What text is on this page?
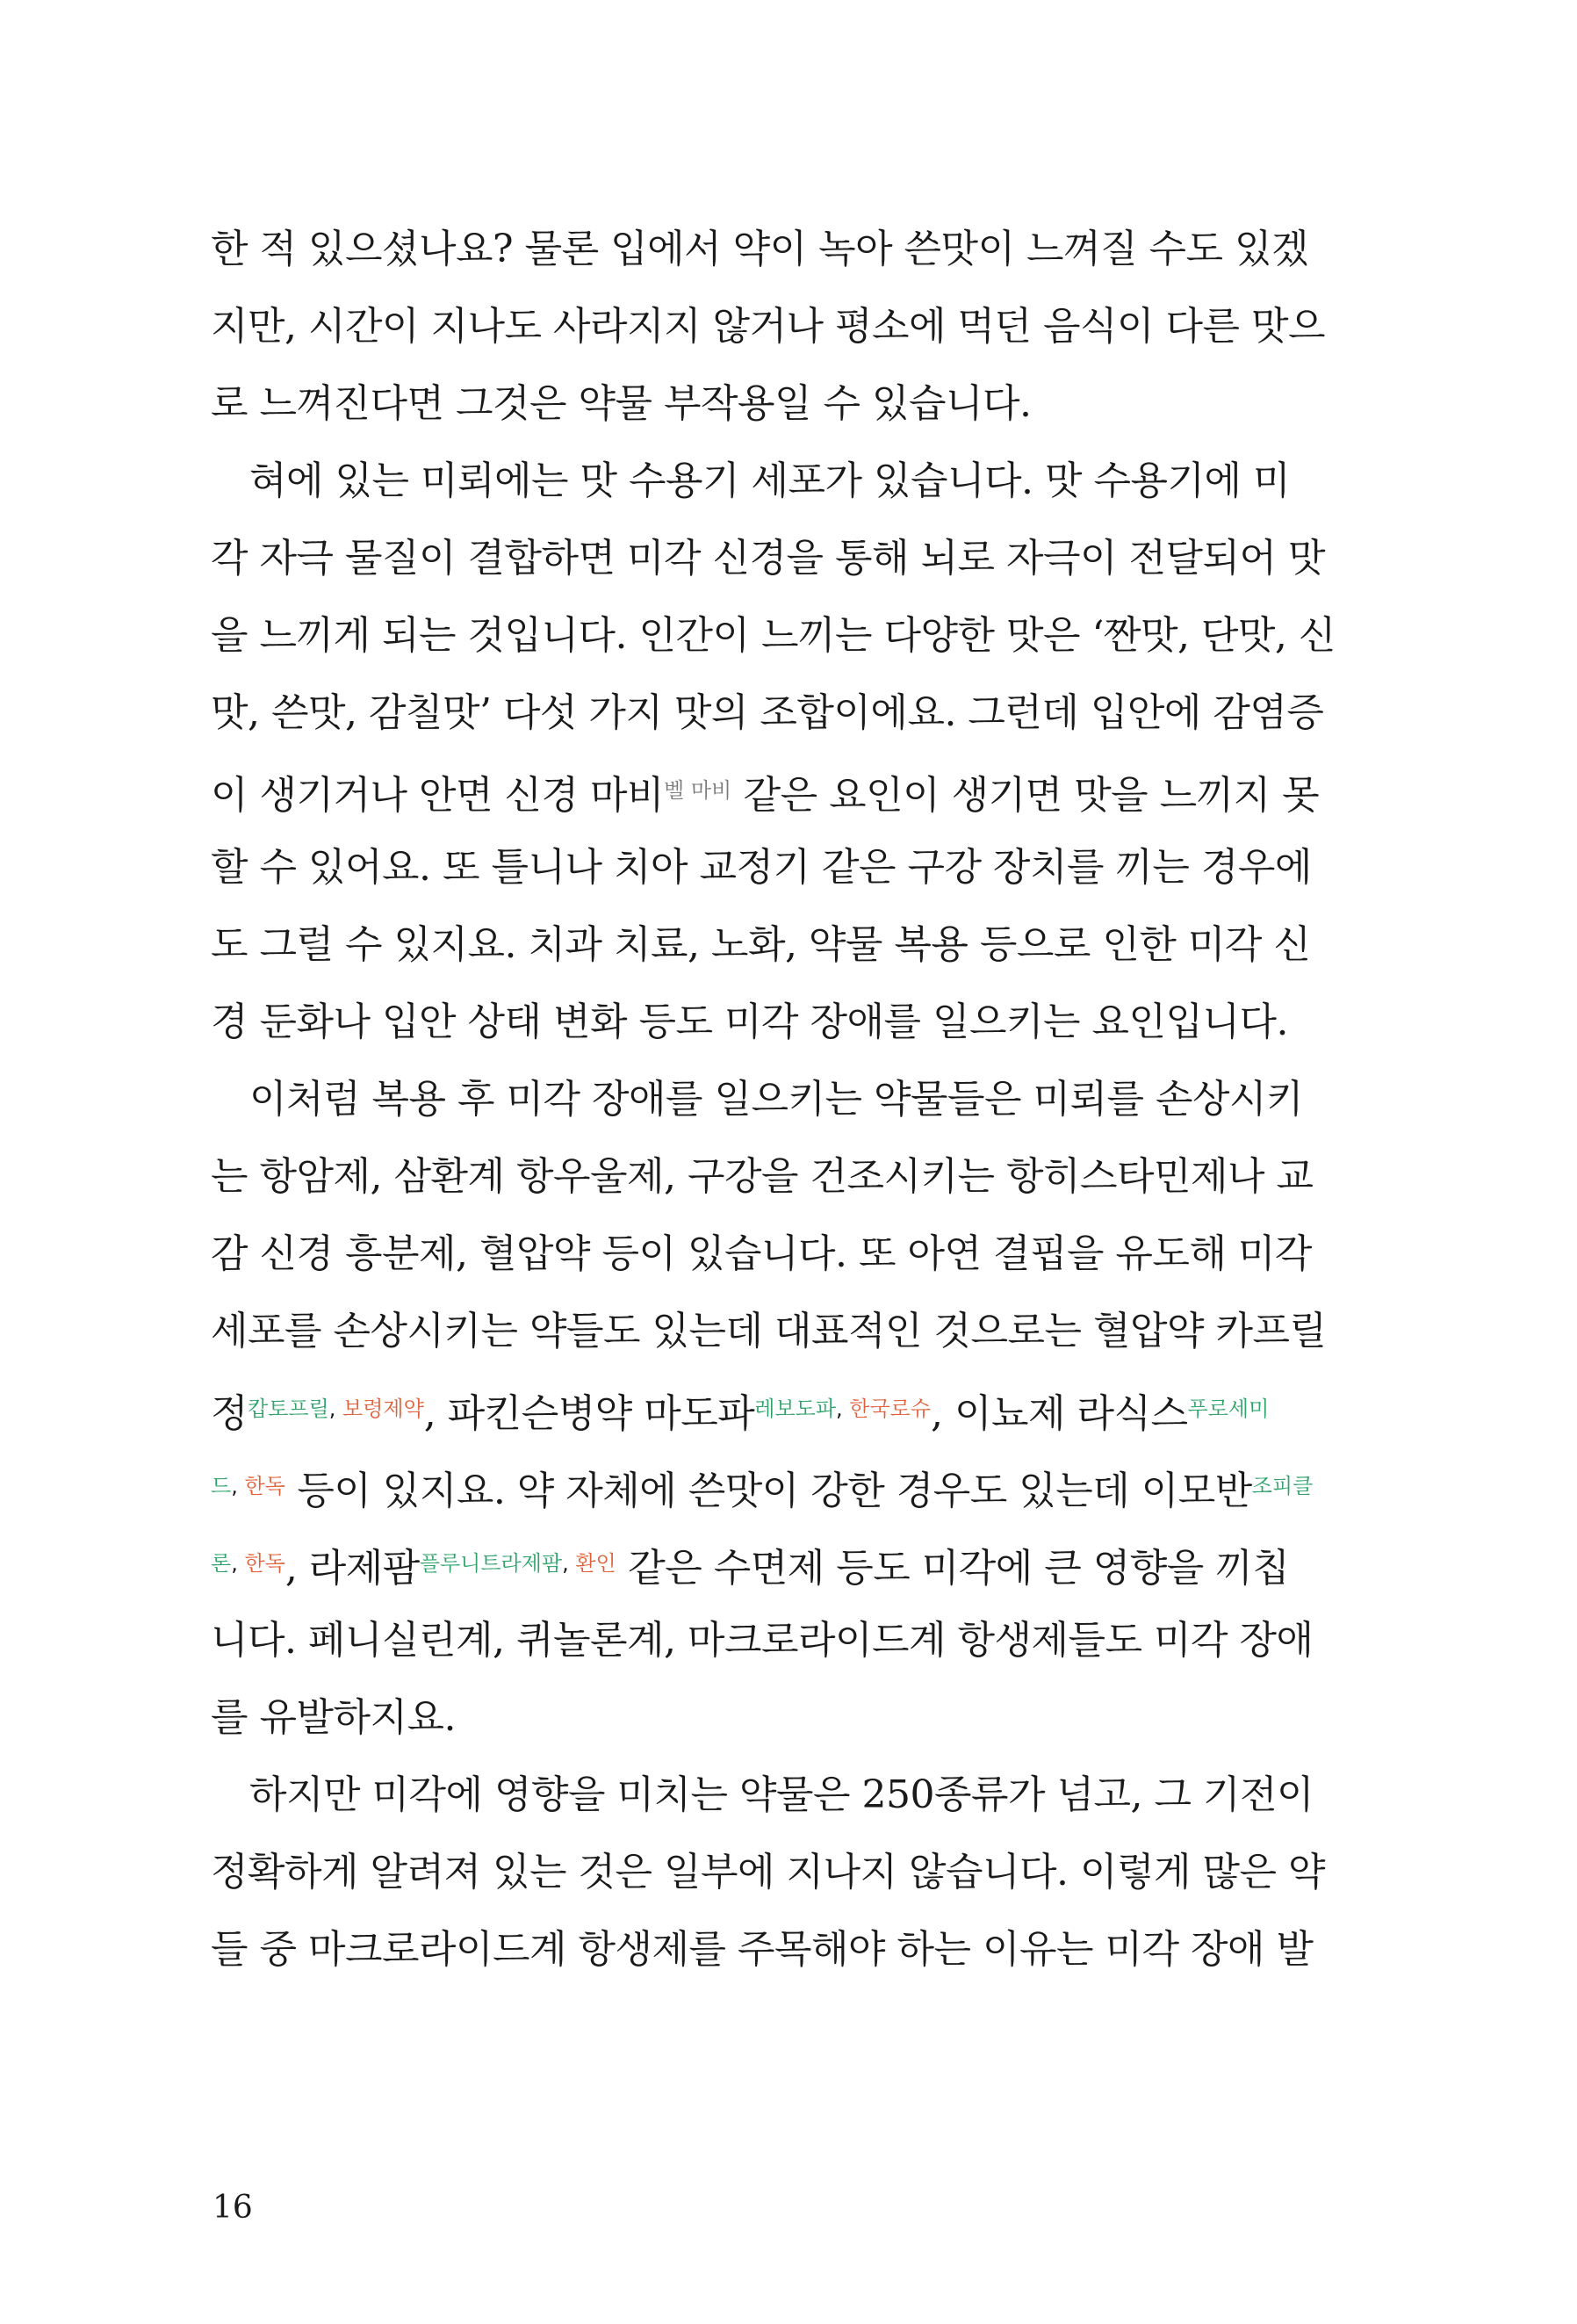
한 적 있으셨나요? 물론 입에서 약이 녹아 쓴맛이 느껴질 수도 있겠
지만, 시간이 지나도 사라지지 않거나 평소에 먹던 음식이 다른 맛으
로 느껴진다면 그것은 약물 부작용일 수 있습니다.
혀에 있는 미뢰에는 맛 수용기 세포가 있습니다. 맛 수용기에 미
각 자극 물질이 결합하면 미각 신경을 통해 뇌로 자극이 전달되어 맛
을 느끼게 되는 것입니다. 인간이 느끼는 다양한 맛은 ‘짠맛, 단맛, 신
맛, 쓴맛, 감칠맛’ 다섯 가지 맛의 조합이에요. 그런데 입안에 감염증
이 생기거나 안면 신경 마비$^{벨 마비}$ 같은 요인이 생기면 맛을 느끼지 못
할 수 있어요. 또 틀니나 치아 교정기 같은 구강 장치를 끼는 경우에
도 그럴 수 있지요. 치과 치료, 노화, 약물 복용 등으로 인한 미각 신
경 둔화나 입안 상태 변화 등도 미각 장애를 일으키는 요인입니다.
이처럼 복용 후 미각 장애를 일으키는 약물들은 미뢰를 손상시키
는 항암제, 삼환계 항우울제, 구강을 건조시키는 항히스타민제나 교
감 신경 흥분제, 혈압약 등이 있습니다. 또 아연 결핍을 유도해 미각
세포를 손상시키는 약들도 있는데 대표적인 것으로는 혈압약 카프릴
정$^{캅토프릴,}$ $^{보령제약}$, 파킨슨병약 마도파$^{레보도파,}$ $^{한국로슈}$, 이뇨제 라식스$^{푸로세미}$
$^{드,}$ $^{한독}$ 등이 있지요. 약 자체에 쓴맛이 강한 경우도 있는데 이모반$^{조피클}$
$^{론,}$ $^{한독}$, 라제팜$^{플루니트라제팜,}$ $^{환인}$ 같은 수면제 등도 미각에 큰 영향을 끼칩
니다. 페니실린계, 퀴놀론계, 마크로라이드계 항생제들도 미각 장애
를 유발하지요.
하지만 미각에 영향을 미치는 약물은 250종류가 넘고, 그 기전이
정확하게 알려져 있는 것은 일부에 지나지 않습니다. 이렇게 많은 약
들 중 마크로라이드계 항생제를 주목해야 하는 이유는 미각 장애 발
16
